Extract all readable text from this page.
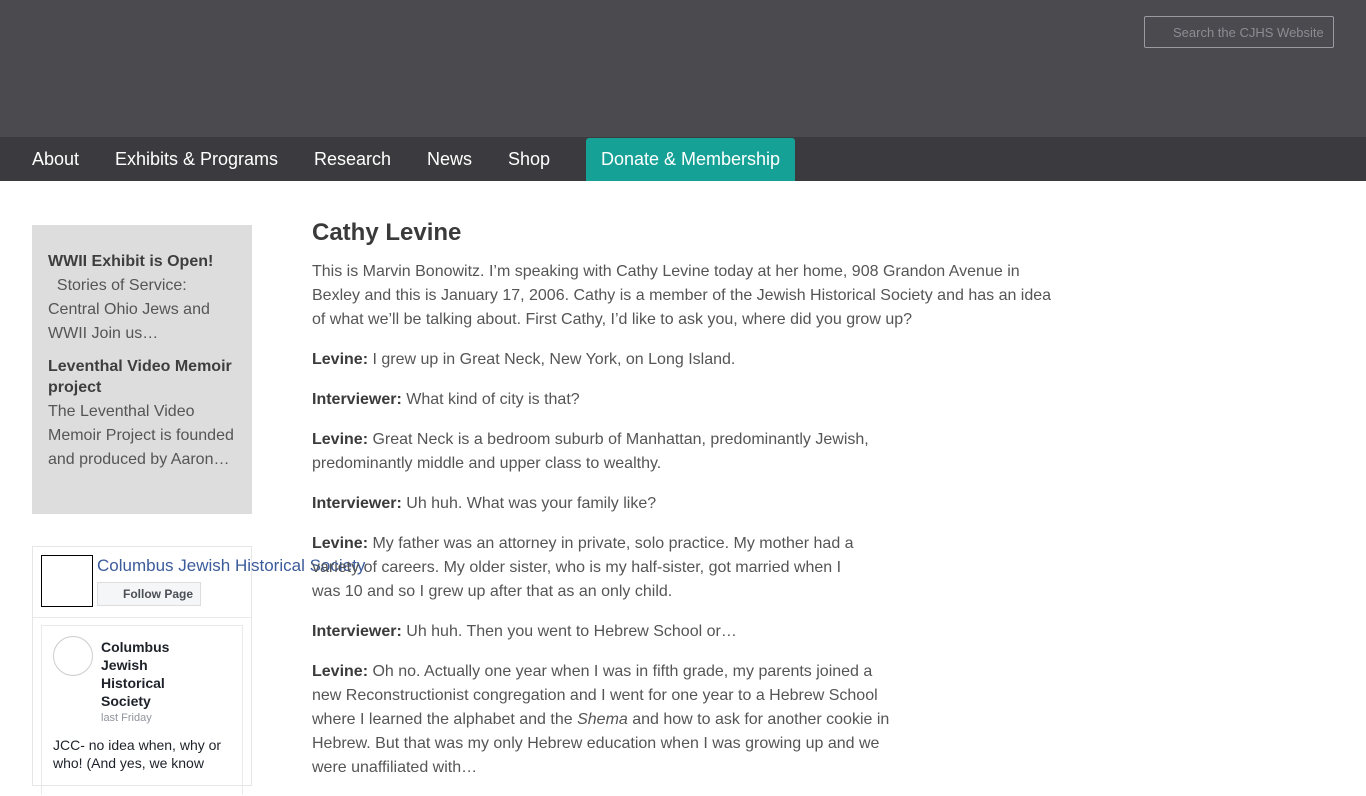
Search the CJHS Website
About Exhibits & Programs Research News Shop	Donate & Membership

WWII Exhibit is Open!

Stories of Service: Central Ohio Jews and WWII Join us…

Leventhal Video Memoir project

The Leventhal Video Memoir Project is founded and produced by Aaron…

Columbus Jewish Historical Society
Follow Page
Columbus Jewish Historical Society
last Friday
JCC- no idea when, why or who! (And yes, we know
Cathy Levine

This is Marvin Bonowitz. I’m speaking with Cathy Levine today at her home, 908 Grandon Avenue in Bexley and this is January 17, 2006. Cathy is a member of the Jewish Historical Society and has an idea of what we’ll be talking about. First Cathy, I’d like to ask you, where did you grow up?

Levine: I grew up in Great Neck, New York, on Long Island.

Interviewer: What kind of city is that?

Levine: Great Neck is a bedroom suburb of Manhattan, predominantly Jewish, predominantly middle and upper class to wealthy.

Interviewer: Uh huh. What was your family like?

Levine: My father was an attorney in private, solo practice. My mother had a variety of careers. My older sister, who is my half-sister, got married when I was 10 and so I grew up after that as an only child.

Interviewer: Uh huh. Then you went to Hebrew School or…

Levine: Oh no. Actually one year when I was in fifth grade, my parents joined a new Reconstructionist congregation and I went for one year to a Hebrew School where I learned the alphabet and the Shema and how to ask for another cookie in Hebrew. But that was my only Hebrew education when I was growing up and we were unaffiliated with…
